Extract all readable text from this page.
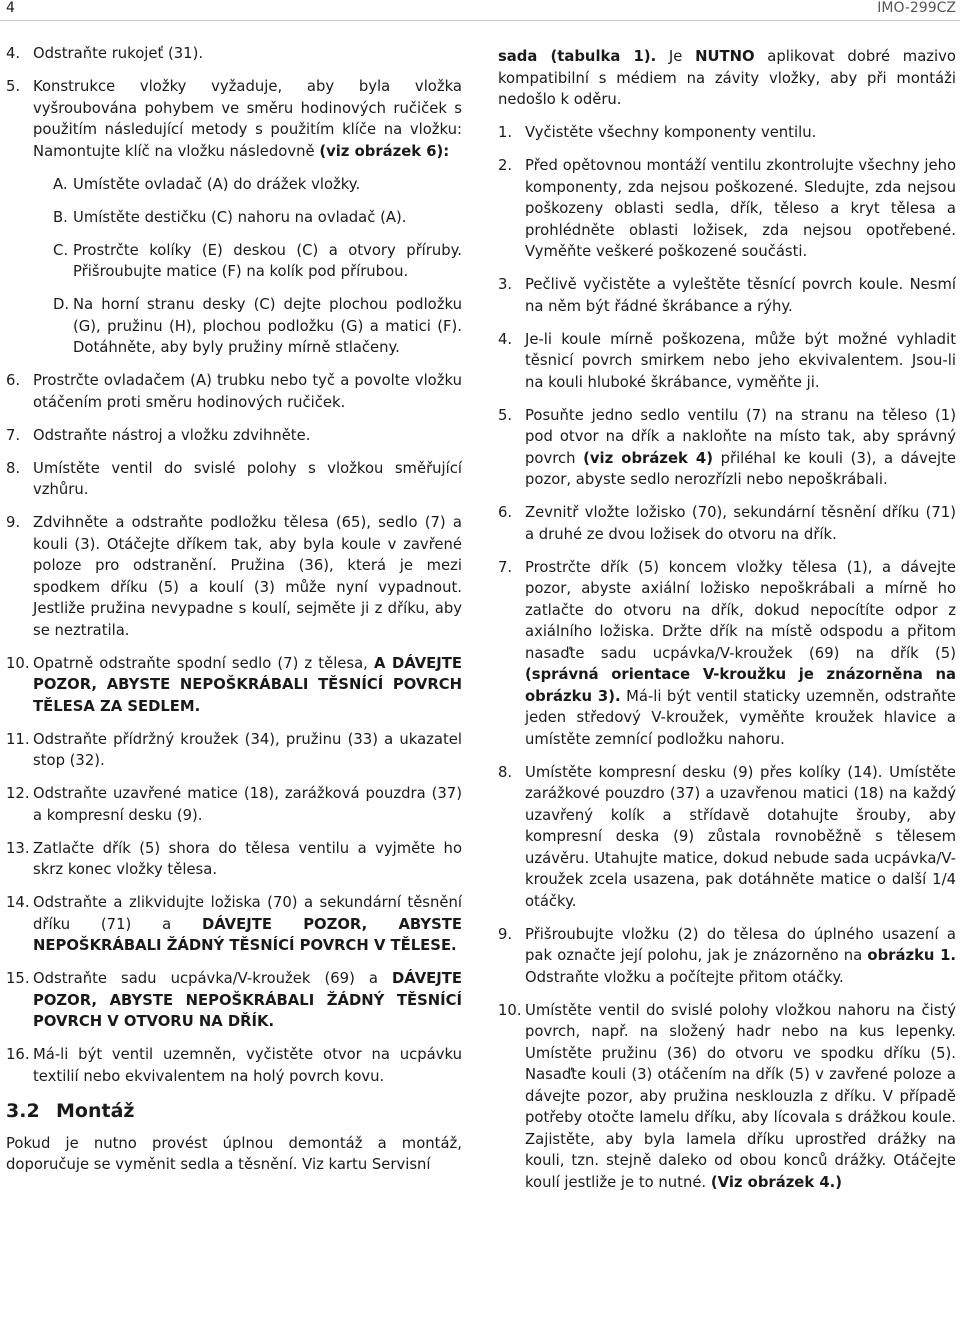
4	IMO-299CZ
4. Odstraňte rukojeť (31).
5. Konstrukce vložky vyžaduje, aby byla vložka vyšroubována pohybem ve směru hodinových ručiček s použitím následující metody s použitím klíče na vložku: Namontujte klíč na vložku následovně (viz obrázek 6):
A. Umístěte ovladač (A) do drážek vložky.
B. Umístěte destičku (C) nahoru na ovladač (A).
C. Prostrčte kolíky (E) deskou (C) a otvory příruby. Přišroubujte matice (F) na kolík pod přírubou.
D. Na horní stranu desky (C) dejte plochou podložku (G), pružinu (H), plochou podložku (G) a matici (F). Dotáhněte, aby byly pružiny mírně stlačeny.
6. Prostrčte ovladačem (A) trubku nebo tyč a povolte vložku otáčením proti směru hodinových ručiček.
7. Odstraňte nástroj a vložku zdvihněte.
8. Umístěte ventil do svislé polohy s vložkou směřující vzhůru.
9. Zdvihněte a odstraňte podložku tělesa (65), sedlo (7) a kouli (3). Otáčejte dříkem tak, aby byla koule v zavřené poloze pro odstranění. Pružina (36), která je mezi spodkem dříku (5) a koulí (3) může nyní vypadnout. Jestliže pružina nevypadne s koulí, sejměte ji z dříku, aby se neztratila.
10. Opatrně odstraňte spodní sedlo (7) z tělesa, A DÁVEJTE POZOR, ABYSTE NEPOŠKRÁBALI TĚSNÍCÍ POVRCH TĚLESA ZA SEDLEM.
11. Odstraňte přídržný kroužek (34), pružinu (33) a ukazatel stop (32).
12. Odstraňte uzavřené matice (18), zarážková pouzdra (37) a kompresní desku (9).
13. Zatlačte dřík (5) shora do tělesa ventilu a vyjměte ho skrz konec vložky tělesa.
14. Odstraňte a zlikvidujte ložiska (70) a sekundární těsnění dříku (71) a DÁVEJTE POZOR, ABYSTE NEPOŠKRÁBALI ŽÁDNÝ TĚSNÍCÍ POVRCH V TĚLESE.
15. Odstraňte sadu ucpávka/V-kroužek (69) a DÁVEJTE POZOR, ABYSTE NEPOŠKRÁBALI ŽÁDNÝ TĚSNÍCÍ POVRCH V OTVORU NA DŘÍK.
16. Má-li být ventil uzemněn, vyčistěte otvor na ucpávku textilií nebo ekvivalentem na holý povrch kovu.
3.2 Montáž

Pokud je nutno provést úplnou demontáž a montáž, doporučuje se vyměnit sedla a těsnění. Viz kartu Servisní

sada (tabulka 1). Je NUTNO aplikovat dobré mazivo kompatibilní s médiem na závity vložky, aby při montáži nedošlo k oděru.

1. Vyčistěte všechny komponenty ventilu.
2. Před opětovnou montáží ventilu zkontrolujte všechny jeho komponenty, zda nejsou poškozené. Sledujte, zda nejsou poškozeny oblasti sedla, dřík, těleso a kryt tělesa a prohlédněte oblasti ložisek, zda nejsou opotřebené. Vyměňte veškeré poškozené součásti.
3. Pečlivě vyčistěte a vyleštěte těsnící povrch koule. Nesmí na něm být řádné škrábance a rýhy.
4. Je-li koule mírně poškozena, může být možné vyhladit těsnicí povrch smirkem nebo jeho ekvivalentem. Jsou-li na kouli hluboké škrábance, vyměňte ji.
5. Posuňte jedno sedlo ventilu (7) na stranu na těleso (1) pod otvor na dřík a nakloňte na místo tak, aby správný povrch (viz obrázek 4) přiléhal ke kouli (3), a dávejte pozor, abyste sedlo nerozřízli nebo nepoškrábali.
6. Zevnitř vložte ložisko (70), sekundární těsnění dříku (71) a druhé ze dvou ložisek do otvoru na dřík.
7. Prostrčte dřík (5) koncem vložky tělesa (1), a dávejte pozor, abyste axiální ložisko nepoškrábali a mírně ho zatlačte do otvoru na dřík, dokud nepocítíte odpor z axiálního ložiska. Držte dřík na místě odspodu a přitom nasaďte sadu ucpávka/V-kroužek (69) na dřík (5) (správná orientace V-kroužku je znázorněna na obrázku 3). Má-li být ventil staticky uzemněn, odstraňte jeden středový V-kroužek, vyměňte kroužek hlavice a umístěte zemnící podložku nahoru.
8. Umístěte kompresní desku (9) přes kolíky (14). Umístěte zarážkové pouzdro (37) a uzavřenou matici (18) na každý uzavřený kolík a střídavě dotahujte šrouby, aby kompresní deska (9) zůstala rovnoběžně s tělesem uzávěru. Utahujte matice, dokud nebude sada ucpávka/V-kroužek zcela usazena, pak dotáhněte matice o další 1/4 otáčky.
9. Přišroubujte vložku (2) do tělesa do úplného usazení a pak označte její polohu, jak je znázorněno na obrázku 1. Odstraňte vložku a počítejte přitom otáčky.
10. Umístěte ventil do svislé polohy vložkou nahoru na čistý povrch, např. na složený hadr nebo na kus lepenky. Umístěte pružinu (36) do otvoru ve spodku dříku (5). Nasaďte kouli (3) otáčením na dřík (5) v zavřené poloze a dávejte pozor, aby pružina nesklouzla z dříku. V případě potřeby otočte lamelu dříku, aby lícovala s drážkou koule. Zajistěte, aby byla lamela dříku uprostřed drážky na kouli, tzn. stejně daleko od obou konců drážky. Otáčejte koulí jestliže je to nutné. (Viz obrázek 4.)
